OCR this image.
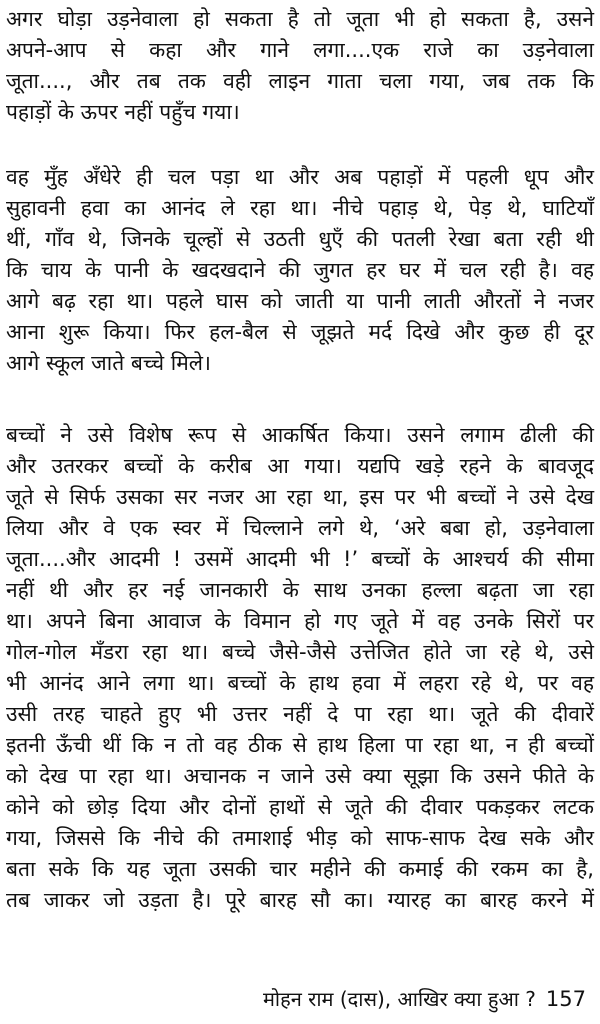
अगर घोड़ा उड़नेवाला हो सकता है तो जूता भी हो सकता है, उसने
अपने-आप से कहा और गाने लगा....एक राजे का उड़नेवाला
जूता...., और तब तक वही लाइन गाता चला गया, जब तक कि
पहाड़ों के ऊपर नहीं पहुँच गया।
वह मुँह अँधेरे ही चल पड़ा था और अब पहाड़ों में पहली धूप और
सुहावनी हवा का आनंद ले रहा था। नीचे पहाड़ थे, पेड़ थे, घाटियाँ
थीं, गाँव थे, जिनके चूल्हों से उठती धुएँ की पतली रेखा बता रही थी
कि चाय के पानी के खदखदाने की जुगत हर घर में चल रही है। वह
आगे बढ़ रहा था। पहले घास को जाती या पानी लाती औरतों ने नजर
आना शुरू किया। फिर हल-बैल से जूझते मर्द दिखे और कुछ ही दूर
आगे स्कूल जाते बच्चे मिले।
बच्चों ने उसे विशेष रूप से आकर्षित किया। उसने लगाम ढीली की
और उतरकर बच्चों के करीब आ गया। यद्यपि खड़े रहने के बावजूद
जूते से सिर्फ उसका सर नजर आ रहा था, इस पर भी बच्चों ने उसे देख
लिया और वे एक स्वर में चिल्लाने लगे थे, ‘अरे बबा हो, उड़नेवाला
जूता....और आदमी ! उसमें आदमी भी !’ बच्चों के आश्चर्य की सीमा
नहीं थी और हर नई जानकारी के साथ उनका हल्ला बढ़ता जा रहा
था। अपने बिना आवाज के विमान हो गए जूते में वह उनके सिरों पर
गोल-गोल मँडरा रहा था। बच्चे जैसे-जैसे उत्तेजित होते जा रहे थे, उसे
भी आनंद आने लगा था। बच्चों के हाथ हवा में लहरा रहे थे, पर वह
उसी तरह चाहते हुए भी उत्तर नहीं दे पा रहा था। जूते की दीवारें
इतनी ऊँची थीं कि न तो वह ठीक से हाथ हिला पा रहा था, न ही बच्चों
को देख पा रहा था। अचानक न जाने उसे क्या सूझा कि उसने फीते के
कोने को छोड़ दिया और दोनों हाथों से जूते की दीवार पकड़कर लटक
गया, जिससे कि नीचे की तमाशाई भीड़ को साफ-साफ देख सके और
बता सके कि यह जूता उसकी चार महीने की कमाई की रकम का है,
तब जाकर जो उड़ता है। पूरे बारह सौ का। ग्यारह का बारह करने में
मोहन राम (दास), आखिर क्या हुआ ? 157
